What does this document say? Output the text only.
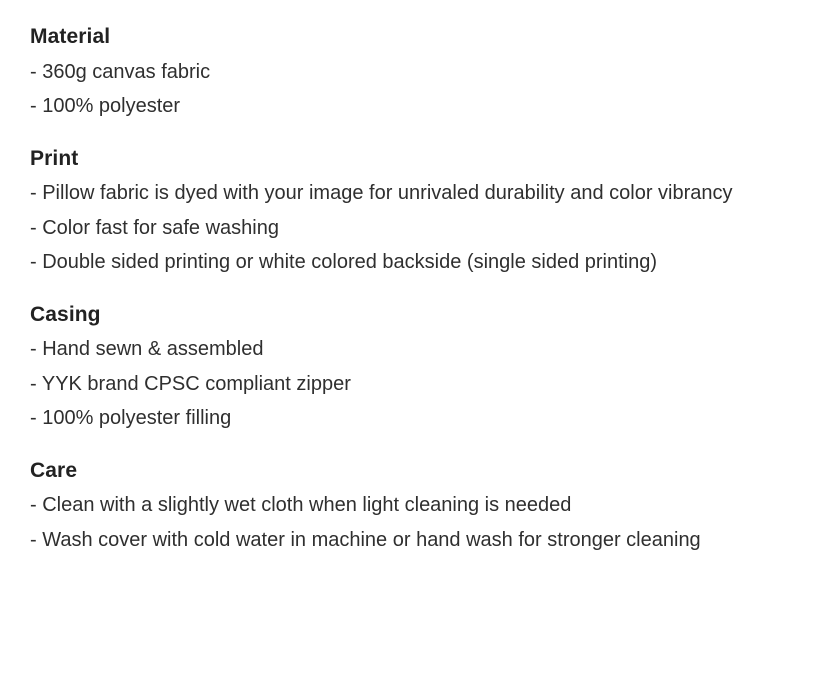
Material

- 360g canvas fabric

- 100% polyester

Print

- Pillow fabric is dyed with your image for unrivaled durability and color vibrancy

- Color fast for safe washing

- Double sided printing or white colored backside (single sided printing)

Casing

- Hand sewn & assembled

- YYK brand CPSC compliant zipper

- 100% polyester filling

Care

- Clean with a slightly wet cloth when light cleaning is needed

- Wash cover with cold water in machine or hand wash for stronger cleaning
